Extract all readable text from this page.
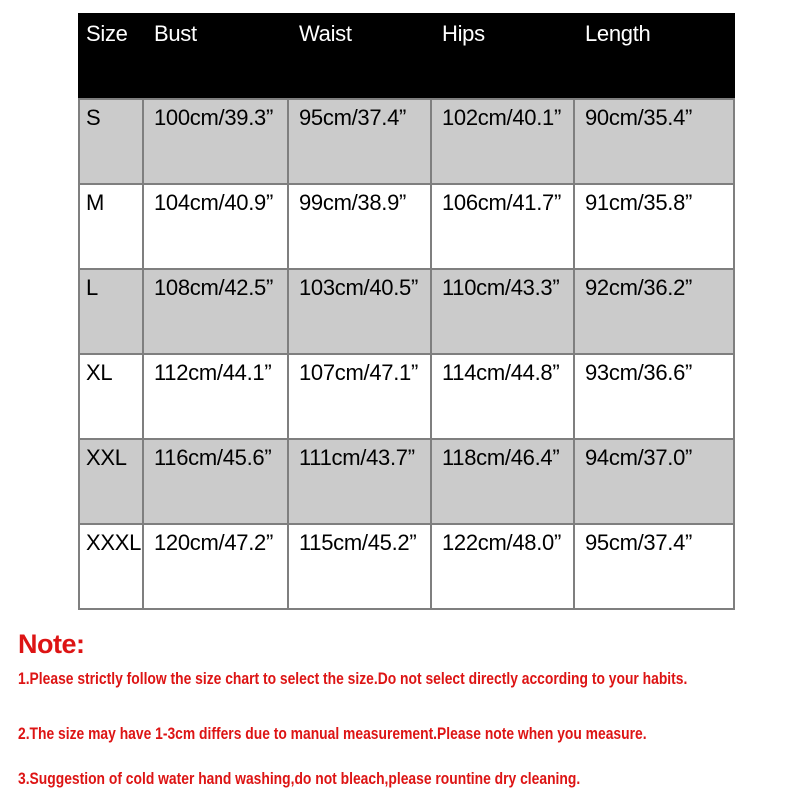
Size	Bust	Waist	Hips	Length
S	100cm/39.3”	95cm/37.4”	102cm/40.1”	90cm/35.4”
M	104cm/40.9”	99cm/38.9”	106cm/41.7”	91cm/35.8”
L	108cm/42.5”	103cm/40.5”	110cm/43.3”	92cm/36.2”
XL	112cm/44.1”	107cm/47.1”	114cm/44.8”	93cm/36.6”
XXL	116cm/45.6”	111cm/43.7”	118cm/46.4”	94cm/37.0”
XXXL	120cm/47.2”	115cm/45.2”	122cm/48.0”	95cm/37.4”
Note:
1.Please strictly follow the size chart to select the size.Do not select directly according to your habits.
2.The size may have 1-3cm differs due to manual measurement.Please note when you measure.
3.Suggestion of cold water hand washing,do not bleach,please rountine dry cleaning.
